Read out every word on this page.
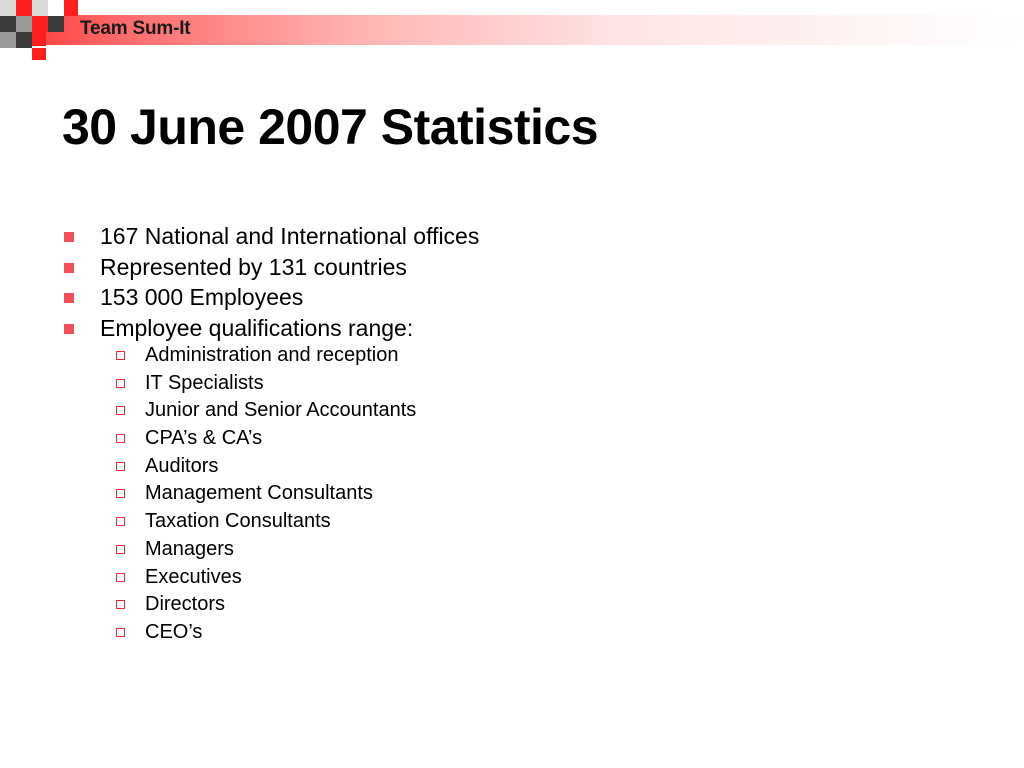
Team Sum-It
30 June 2007 Statistics
167 National and International offices
Represented by 131 countries
153 000 Employees
Employee qualifications range:
Administration and reception
IT Specialists
Junior and Senior Accountants
CPA’s & CA’s
Auditors
Management Consultants
Taxation Consultants
Managers
Executives
Directors
CEO’s
